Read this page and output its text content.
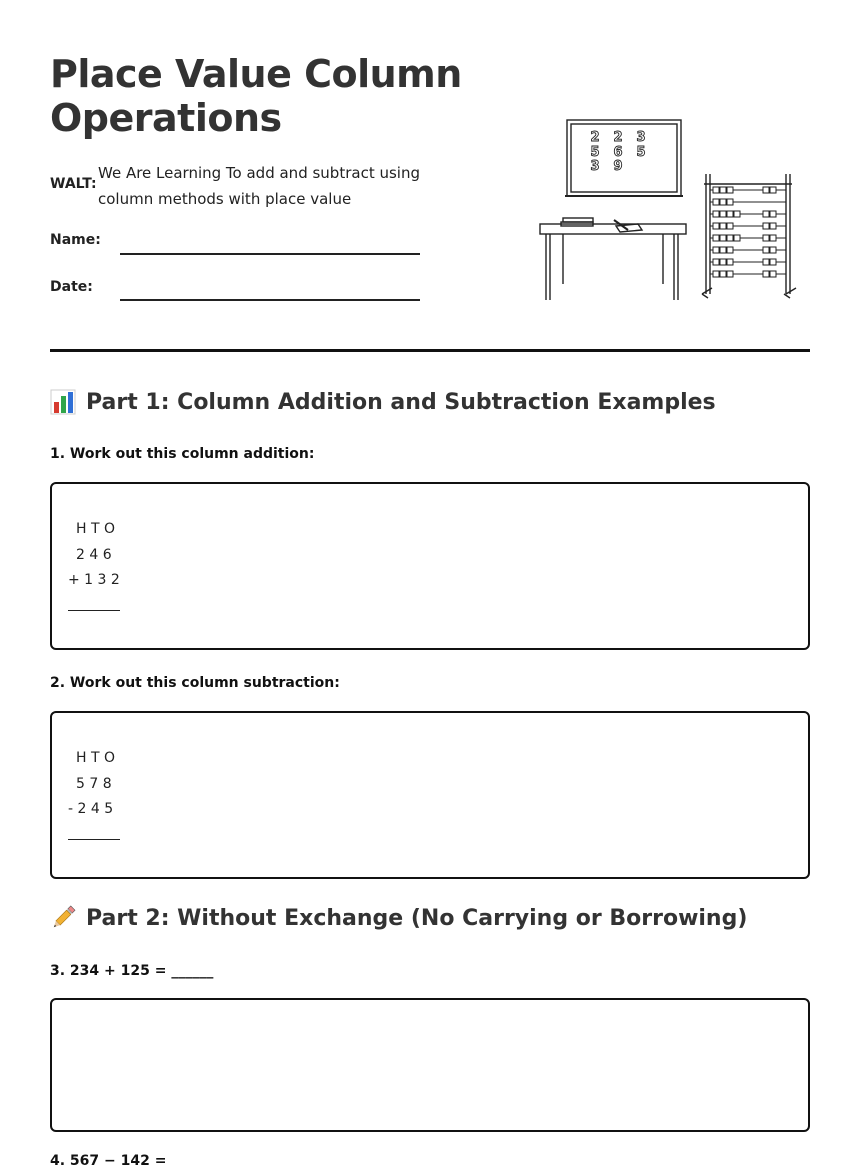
Place Value Column Operations
WALT:
We Are Learning To add and subtract using column methods with place value
Name:
Date:
2 2 3
5 6 5
3 9
Part 1: Column Addition and Subtraction Examples
1. Work out this column addition:
H T O
2 4 6
+ 1 3 2
2. Work out this column subtraction:
H T O
5 7 8
- 2 4 5
Part 2: Without Exchange (No Carrying or Borrowing)
3. 234 + 125 = ______
4. 567 − 142 =
